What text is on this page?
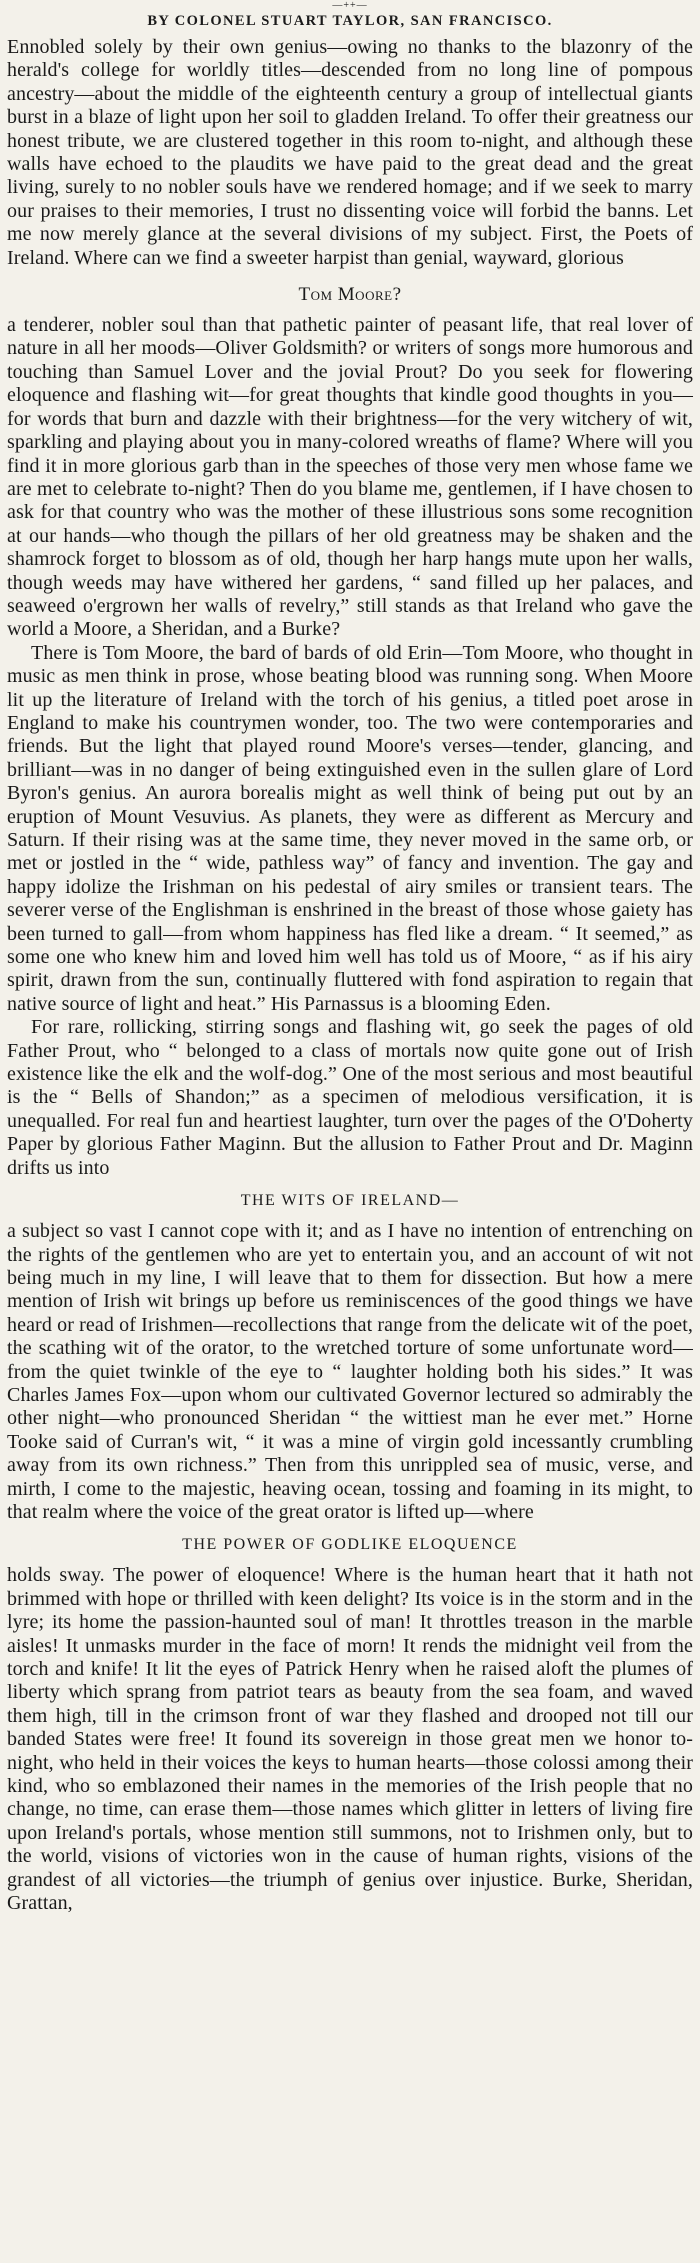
—++—
BY COLONEL STUART TAYLOR, SAN FRANCISCO.

Ennobled solely by their own genius—owing no thanks to the blazonry of the herald's college for worldly titles—descended from no long line of pompous ancestry—about the middle of the eighteenth century a group of intellectual giants burst in a blaze of light upon her soil to gladden Ireland. To offer their greatness our honest tribute, we are clustered together in this room to-night, and although these walls have echoed to the plaudits we have paid to the great dead and the great living, surely to no nobler souls have we rendered homage; and if we seek to marry our praises to their memories, I trust no dissenting voice will forbid the banns. Let me now merely glance at the several divisions of my subject. First, the Poets of Ireland. Where can we find a sweeter harpist than genial, wayward, glorious

Tom Moore?

a tenderer, nobler soul than that pathetic painter of peasant life, that real lover of nature in all her moods—Oliver Goldsmith? or writers of songs more humorous and touching than Samuel Lover and the jovial Prout? Do you seek for flowering eloquence and flashing wit—for great thoughts that kindle good thoughts in you—for words that burn and dazzle with their brightness—for the very witchery of wit, sparkling and playing about you in many-colored wreaths of flame? Where will you find it in more glorious garb than in the speeches of those very men whose fame we are met to celebrate to-night? Then do you blame me, gentlemen, if I have chosen to ask for that country who was the mother of these illustrious sons some recognition at our hands—who though the pillars of her old greatness may be shaken and the shamrock forget to blossom as of old, though her harp hangs mute upon her walls, though weeds may have withered her gardens, “ sand filled up her palaces, and seaweed o'ergrown her walls of revelry,” still stands as that Ireland who gave the world a Moore, a Sheridan, and a Burke?

There is Tom Moore, the bard of bards of old Erin—Tom Moore, who thought in music as men think in prose, whose beating blood was running song. When Moore lit up the literature of Ireland with the torch of his genius, a titled poet arose in England to make his countrymen wonder, too. The two were contemporaries and friends. But the light that played round Moore's verses—tender, glancing, and brilliant—was in no danger of being extinguished even in the sullen glare of Lord Byron's genius. An aurora borealis might as well think of being put out by an eruption of Mount Vesuvius. As planets, they were as different as Mercury and Saturn. If their rising was at the same time, they never moved in the same orb, or met or jostled in the “ wide, pathless way” of fancy and invention. The gay and happy idolize the Irishman on his pedestal of airy smiles or transient tears. The severer verse of the Englishman is enshrined in the breast of those whose gaiety has been turned to gall—from whom happiness has fled like a dream. “ It seemed,” as some one who knew him and loved him well has told us of Moore, “ as if his airy spirit, drawn from the sun, continually fluttered with fond aspiration to regain that native source of light and heat.” His Parnassus is a blooming Eden.

For rare, rollicking, stirring songs and flashing wit, go seek the pages of old Father Prout, who “ belonged to a class of mortals now quite gone out of Irish existence like the elk and the wolf-dog.” One of the most serious and most beautiful is the “ Bells of Shandon;” as a specimen of melodious versification, it is unequalled. For real fun and heartiest laughter, turn over the pages of the O'Doherty Paper by glorious Father Maginn. But the allusion to Father Prout and Dr. Maginn drifts us into

THE WITS OF IRELAND—

a subject so vast I cannot cope with it; and as I have no intention of entrenching on the rights of the gentlemen who are yet to entertain you, and an account of wit not being much in my line, I will leave that to them for dissection. But how a mere mention of Irish wit brings up before us reminiscences of the good things we have heard or read of Irishmen—recollections that range from the delicate wit of the poet, the scathing wit of the orator, to the wretched torture of some unfortunate word—from the quiet twinkle of the eye to “ laughter holding both his sides.” It was Charles James Fox—upon whom our cultivated Governor lectured so admirably the other night—who pronounced Sheridan “ the wittiest man he ever met.” Horne Tooke said of Curran's wit, “ it was a mine of virgin gold incessantly crumbling away from its own richness.” Then from this unrippled sea of music, verse, and mirth, I come to the majestic, heaving ocean, tossing and foaming in its might, to that realm where the voice of the great orator is lifted up—where

THE POWER OF GODLIKE ELOQUENCE

holds sway. The power of eloquence! Where is the human heart that it hath not brimmed with hope or thrilled with keen delight? Its voice is in the storm and in the lyre; its home the passion-haunted soul of man! It throttles treason in the marble aisles! It unmasks murder in the face of morn! It rends the midnight veil from the torch and knife! It lit the eyes of Patrick Henry when he raised aloft the plumes of liberty which sprang from patriot tears as beauty from the sea foam, and waved them high, till in the crimson front of war they flashed and drooped not till our banded States were free! It found its sovereign in those great men we honor to-night, who held in their voices the keys to human hearts—those colossi among their kind, who so emblazoned their names in the memories of the Irish people that no change, no time, can erase them—those names which glitter in letters of living fire upon Ireland's portals, whose mention still summons, not to Irishmen only, but to the world, visions of victories won in the cause of human rights, visions of the grandest of all victories—the triumph of genius over injustice. Burke, Sheridan, Grattan,
